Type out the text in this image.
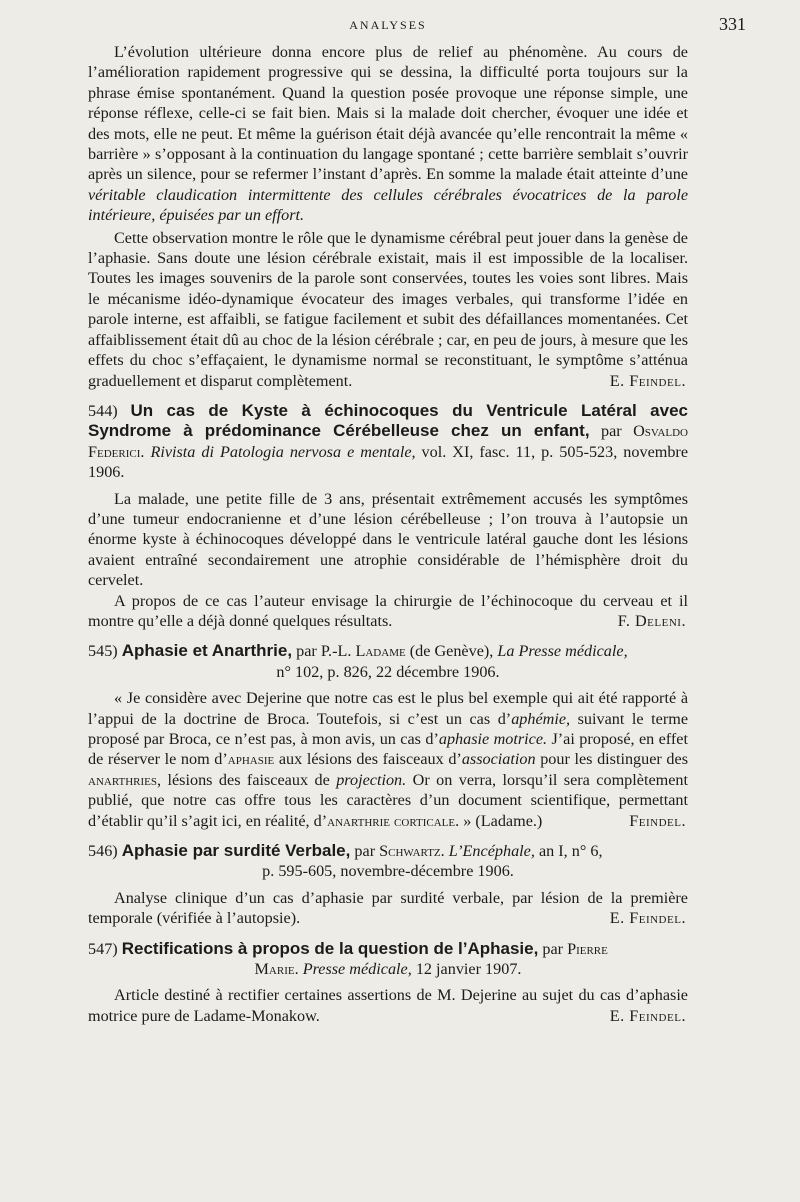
ANALYSES	331

L’évolution ultérieure donna encore plus de relief au phénomène. Au cours de l’amélioration rapidement progressive qui se dessina, la difficulté porta toujours sur la phrase émise spontanément. Quand la question posée provoque une réponse simple, une réponse réflexe, celle-ci se fait bien. Mais si la malade doit chercher, évoquer une idée et des mots, elle ne peut. Et même la guérison était déjà avancée qu’elle rencontrait la même « barrière » s’opposant à la continuation du langage spontané ; cette barrière semblait s’ouvrir après un silence, pour se refermer l’instant d’après. En somme la malade était atteinte d’une véritable claudication intermittente des cellules cérébrales évocatrices de la parole intérieure, épuisées par un effort.

Cette observation montre le rôle que le dynamisme cérébral peut jouer dans la genèse de l’aphasie. Sans doute une lésion cérébrale existait, mais il est impossible de la localiser. Toutes les images souvenirs de la parole sont conservées, toutes les voies sont libres. Mais le mécanisme idéo-dynamique évocateur des images verbales, qui transforme l’idée en parole interne, est affaibli, se fatigue facilement et subit des défaillances momentanées. Cet affaiblissement était dû au choc de la lésion cérébrale ; car, en peu de jours, à mesure que les effets du choc s’effaçaient, le dynamisme normal se reconstituant, le symptôme s’atténua graduellement et disparut complètement.	E. Feindel.

544) Un cas de Kyste à échinocoques du Ventricule Latéral avec Syndrome à prédominance Cérébelleuse chez un enfant, par Osvaldo Federici. Rivista di Patologia nervosa e mentale, vol. XI, fasc. 11, p. 505-523, novembre 1906.

La malade, une petite fille de 3 ans, présentait extrêmement accusés les symptômes d’une tumeur endocranienne et d’une lésion cérébelleuse ; l’on trouva à l’autopsie un énorme kyste à échinocoques développé dans le ventricule latéral gauche dont les lésions avaient entraîné secondairement une atrophie considérable de l’hémisphère droit du cervelet.

A propos de ce cas l’auteur envisage la chirurgie de l’échinocoque du cerveau et il montre qu’elle a déjà donné quelques résultats.	F. Deleni.

545) Aphasie et Anarthrie, par P.-L. Ladame (de Genève), La Presse médicale,

n° 102, p. 826, 22 décembre 1906.

« Je considère avec Dejerine que notre cas est le plus bel exemple qui ait été rapporté à l’appui de la doctrine de Broca. Toutefois, si c’est un cas d’aphémie, suivant le terme proposé par Broca, ce n’est pas, à mon avis, un cas d’aphasie motrice. J’ai proposé, en effet de réserver le nom d’aphasie aux lésions des faisceaux d’association pour les distinguer des anarthries, lésions des faisceaux de projection. Or on verra, lorsqu’il sera complètement publié, que notre cas offre tous les caractères d’un document scientifique, permettant d’établir qu’il s’agit ici, en réalité, d’anarthrie corticale. » (Ladame.)	Feindel.

546) Aphasie par surdité Verbale, par Schwartz. L’Encéphale, an I, n° 6,

p. 595-605, novembre-décembre 1906.

Analyse clinique d’un cas d’aphasie par surdité verbale, par lésion de la première temporale (vérifiée à l’autopsie).	E. Feindel.

547) Rectifications à propos de la question de l’Aphasie, par Pierre

Marie. Presse médicale, 12 janvier 1907.

Article destiné à rectifier certaines assertions de M. Dejerine au sujet du cas d’aphasie motrice pure de Ladame-Monakow.	E. Feindel.
